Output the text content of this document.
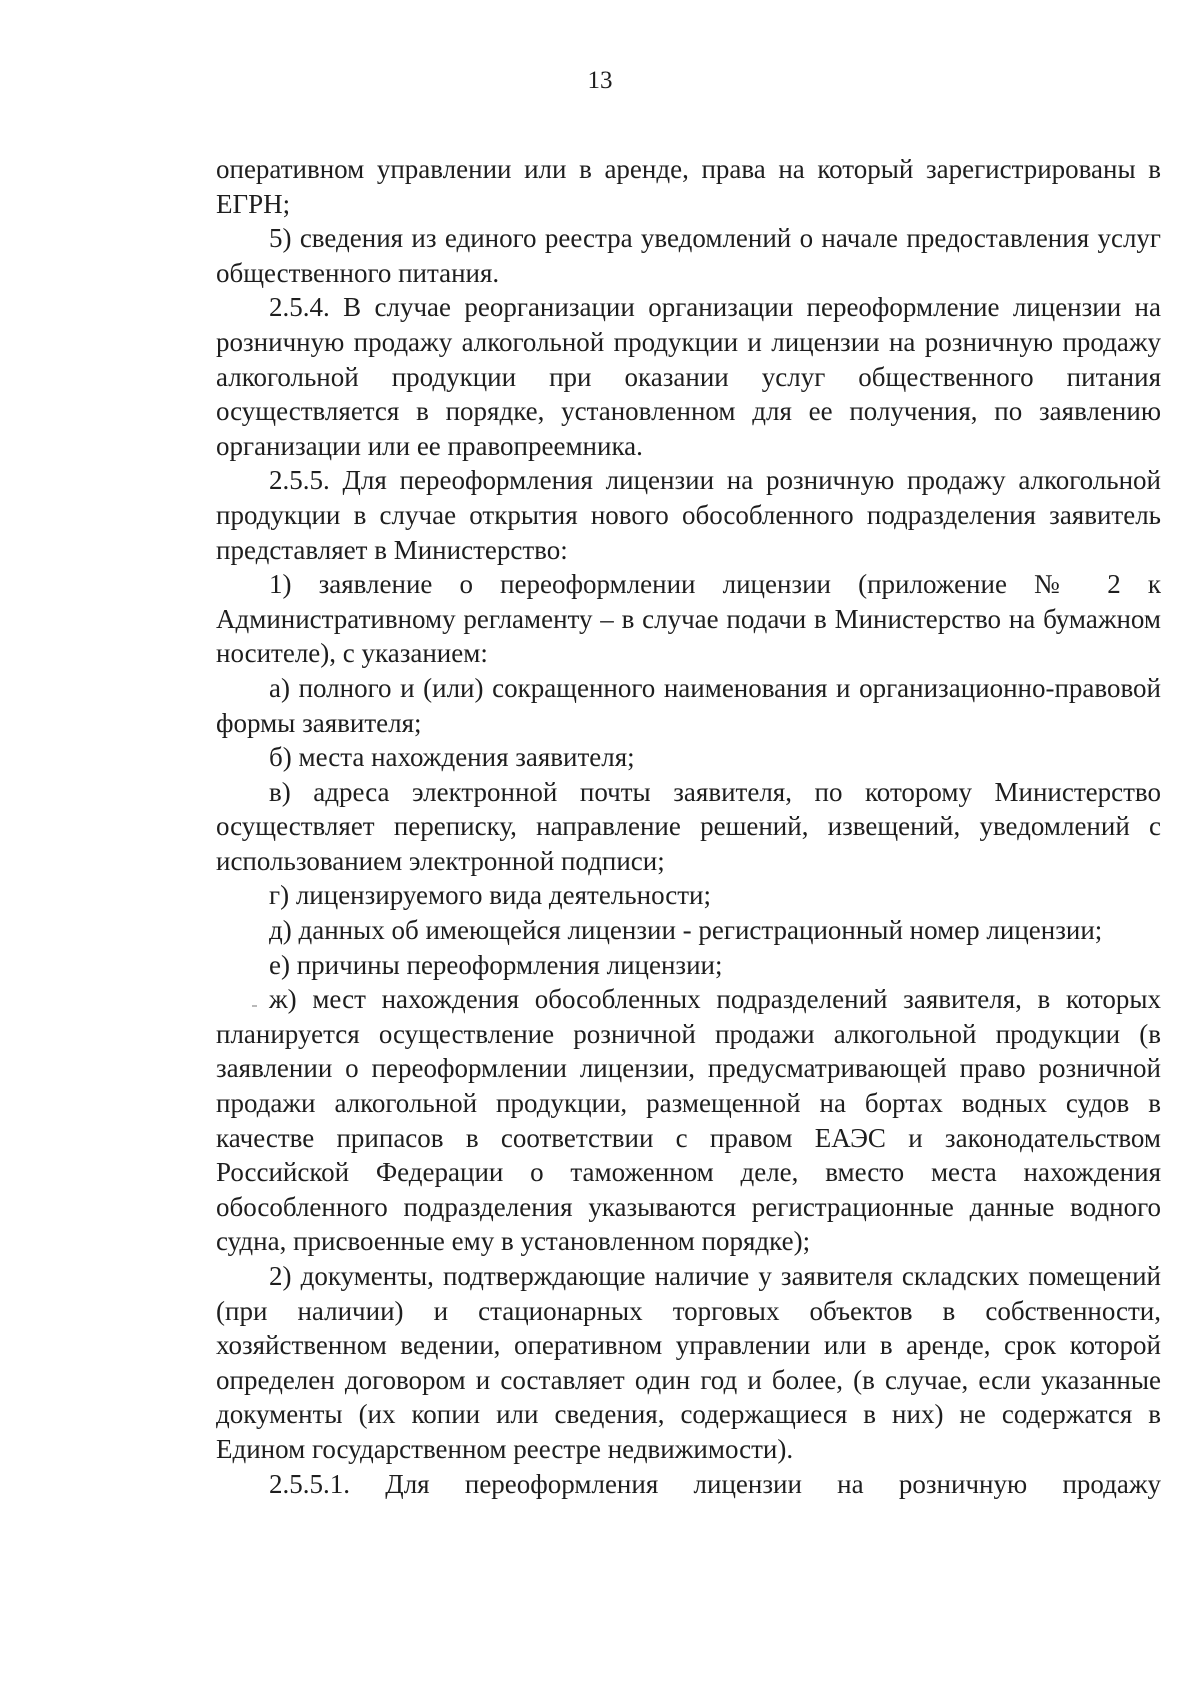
13

оперативном управлении или в аренде, права на который зарегистрированы в ЕГРН;

5) сведения из единого реестра уведомлений о начале предоставления услуг общественного питания.

2.5.4. В случае реорганизации организации переоформление лицензии на розничную продажу алкогольной продукции и лицензии на розничную продажу алкогольной продукции при оказании услуг общественного питания осуществляется в порядке, установленном для ее получения, по заявлению организации или ее правопреемника.

2.5.5. Для переоформления лицензии на розничную продажу алкогольной продукции в случае открытия нового обособленного подразделения заявитель представляет в Министерство:

1) заявление о переоформлении лицензии (приложение № 2 к Административному регламенту – в случае подачи в Министерство на бумажном носителе), с указанием:

а) полного и (или) сокращенного наименования и организационно-правовой формы заявителя;

б) места нахождения заявителя;

в) адреса электронной почты заявителя, по которому Министерство осуществляет переписку, направление решений, извещений, уведомлений с использованием электронной подписи;

г) лицензируемого вида деятельности;

д) данных об имеющейся лицензии - регистрационный номер лицензии;

е) причины переоформления лицензии;

ж) мест нахождения обособленных подразделений заявителя, в которых планируется осуществление розничной продажи алкогольной продукции (в заявлении о переоформлении лицензии, предусматривающей право розничной продажи алкогольной продукции, размещенной на бортах водных судов в качестве припасов в соответствии с правом ЕАЭС и законодательством Российской Федерации о таможенном деле, вместо места нахождения обособленного подразделения указываются регистрационные данные водного судна, присвоенные ему в установленном порядке);

2) документы, подтверждающие наличие у заявителя складских помещений (при наличии) и стационарных торговых объектов в собственности, хозяйственном ведении, оперативном управлении или в аренде, срок которой определен договором и составляет один год и более, (в случае, если указанные документы (их копии или сведения, содержащиеся в них) не содержатся в Едином государственном реестре недвижимости).

2.5.5.1. Для переоформления лицензии на розничную продажу
